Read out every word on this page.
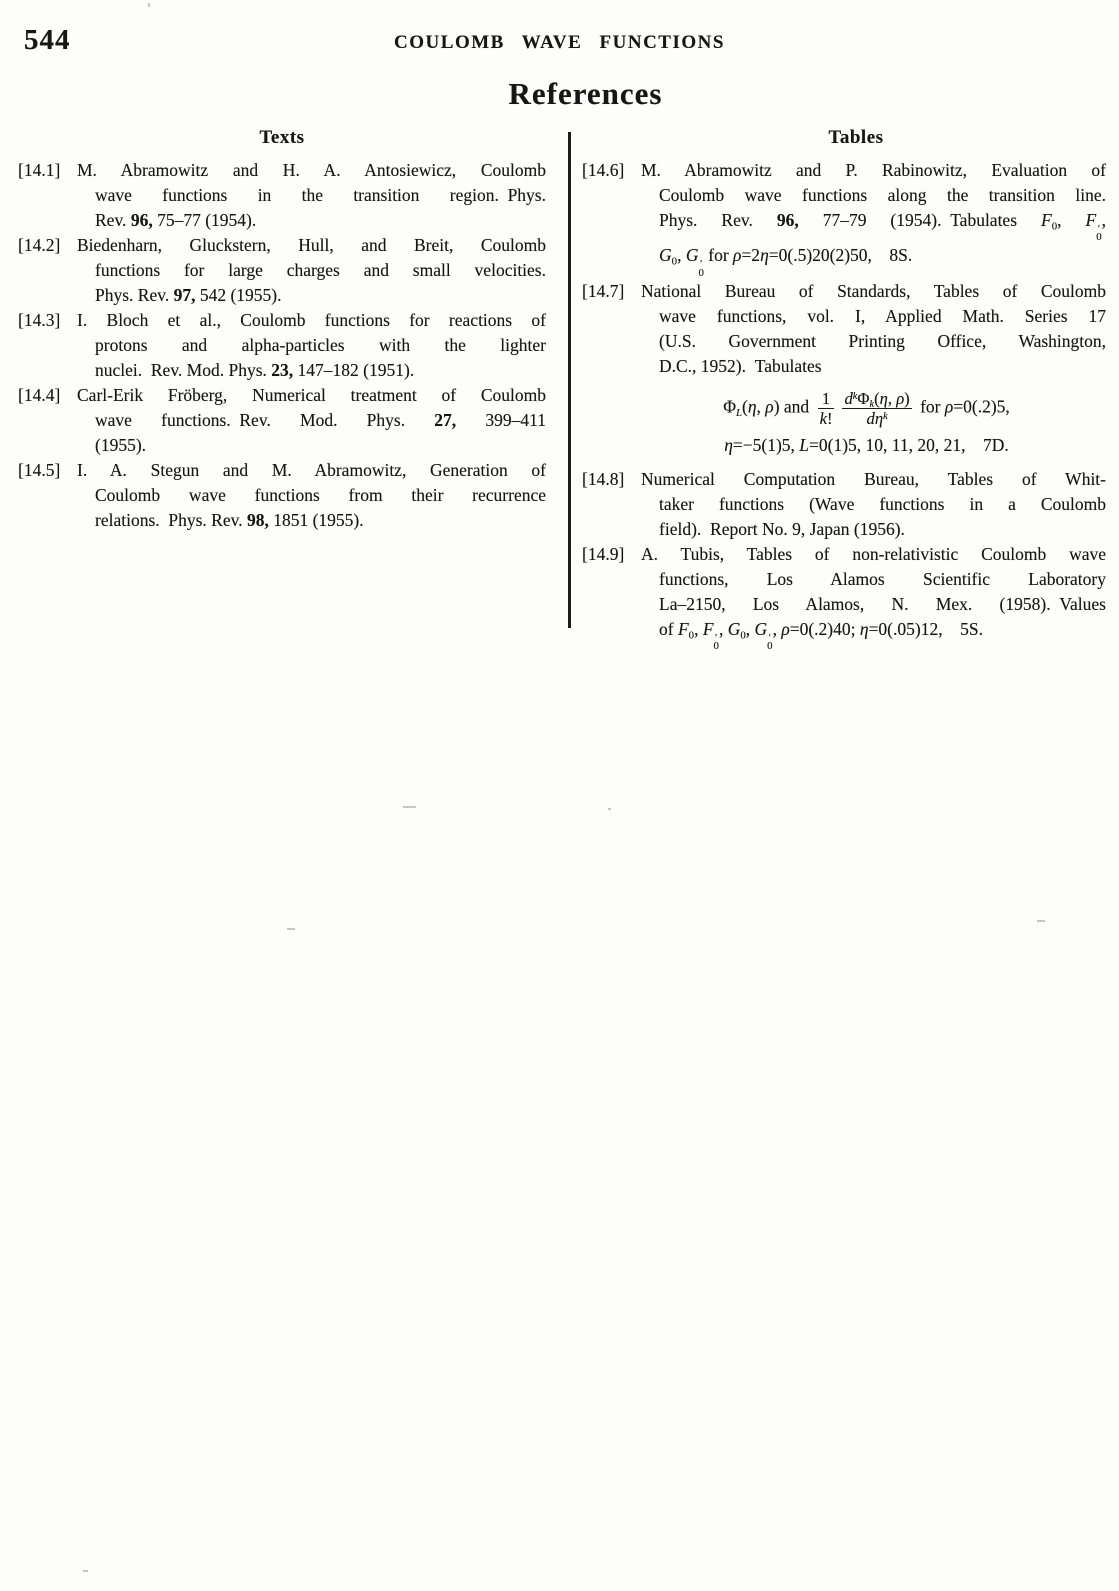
544	COULOMB WAVE FUNCTIONS
References
Texts
[14.1] M. Abramowitz and H. A. Antosiewicz, Coulomb
wave functions in the transition region. Phys.
Rev. 96, 75–77 (1954).
[14.2] Biedenharn, Gluckstern, Hull, and Breit, Coulomb
functions for large charges and small velocities.
Phys. Rev. 97, 542 (1955).
[14.3] I. Bloch et al., Coulomb functions for reactions of
protons and alpha-particles with the lighter
nuclei. Rev. Mod. Phys. 23, 147–182 (1951).
[14.4] Carl-Erik Fröberg, Numerical treatment of Coulomb
wave functions. Rev. Mod. Phys. 27, 399–411
(1955).
[14.5] I. A. Stegun and M. Abramowitz, Generation of
Coulomb wave functions from their recurrence
relations. Phys. Rev. 98, 1851 (1955).
Tables
[14.6] M. Abramowitz and P. Rabinowitz, Evaluation of
Coulomb wave functions along the transition line.
Phys. Rev. 96, 77–79 (1954). Tabulates $F_0$, F ′
0
,
$G_0$, G ′
0
for ρ=2η=0(.5)20(2)50, 8S.
[14.7] National Bureau of Standards, Tables of Coulomb
wave functions, vol. I, Applied Math. Series 17
(U.S. Government Printing Office, Washington,
D.C., 1952). Tabulates
$\Phi_L(\eta$, ρ) and $\frac{1}{k!} \frac{d^k\Phi_k(\eta, \rho)}{d\eta^k}$ for ρ=0(.2)5,
η=−5(1)5, L=0(1)5, 10, 11, 20, 21, 7D.
[14.8] Numerical Computation Bureau, Tables of Whit-
taker functions (Wave functions in a Coulomb
field). Report No. 9, Japan (1956).
[14.9] A. Tubis, Tables of non-relativistic Coulomb wave
functions, Los Alamos Scientific Laboratory
La–2150, Los Alamos, N. Mex. (1958). Values
of $F_0$, F ′
0
, $G_0$, G ′
0
, ρ=0(.2)40; η=0(.05)12, 5S.
